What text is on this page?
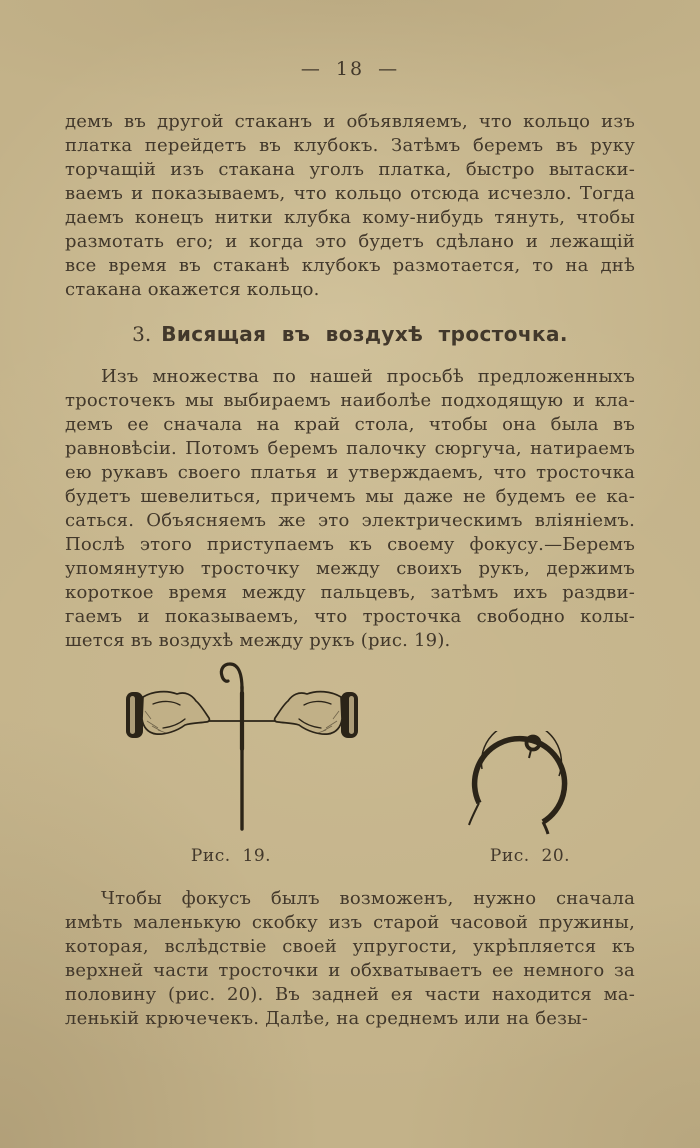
— 18 —
демъ въ другой стаканъ и объявляемъ, что кольцо изъ
платка перейдетъ въ клубокъ. Затѣмъ беремъ въ руку
торчащій изъ стакана уголъ платка, быстро вытаски-
ваемъ и показываемъ, что кольцо отсюда исчезло. Тогда
даемъ конецъ нитки клубка кому-нибудь тянуть, чтобы
размотать его; и когда это будетъ сдѣлано и лежащій
все время въ стаканѣ клубокъ размотается, то на днѣ
стакана окажется кольцо.
3. Висящая въ воздухѣ тросточка.
Изъ множества по нашей просьбѣ предложенныхъ
тросточекъ мы выбираемъ наиболѣе подходящую и кла-
демъ ее сначала на край стола, чтобы она была въ
равновѣсіи. Потомъ беремъ палочку сюргуча, натираемъ
ею рукавъ своего платья и утверждаемъ, что тросточка
будетъ шевелиться, причемъ мы даже не будемъ ее ка-
саться. Объясняемъ же это электрическимъ вліяніемъ.
Послѣ этого приступаемъ къ своему фокусу.—Беремъ
упомянутую тросточку между своихъ рукъ, держимъ
короткое время между пальцевъ, затѣмъ ихъ раздви-
гаемъ и показываемъ, что тросточка свободно колы-
шется въ воздухѣ между рукъ (рис. 19).
Рис. 19.	Рис. 20.
Чтобы фокусъ былъ возможенъ, нужно сначала
имѣть маленькую скобку изъ старой часовой пружины,
которая, вслѣдствіе своей упругости, укрѣпляется къ
верхней части тросточки и обхватываетъ ее немного за
половину (рис. 20). Въ задней ея части находится ма-
ленькій крючечекъ. Далѣе, на среднемъ или на безы-
